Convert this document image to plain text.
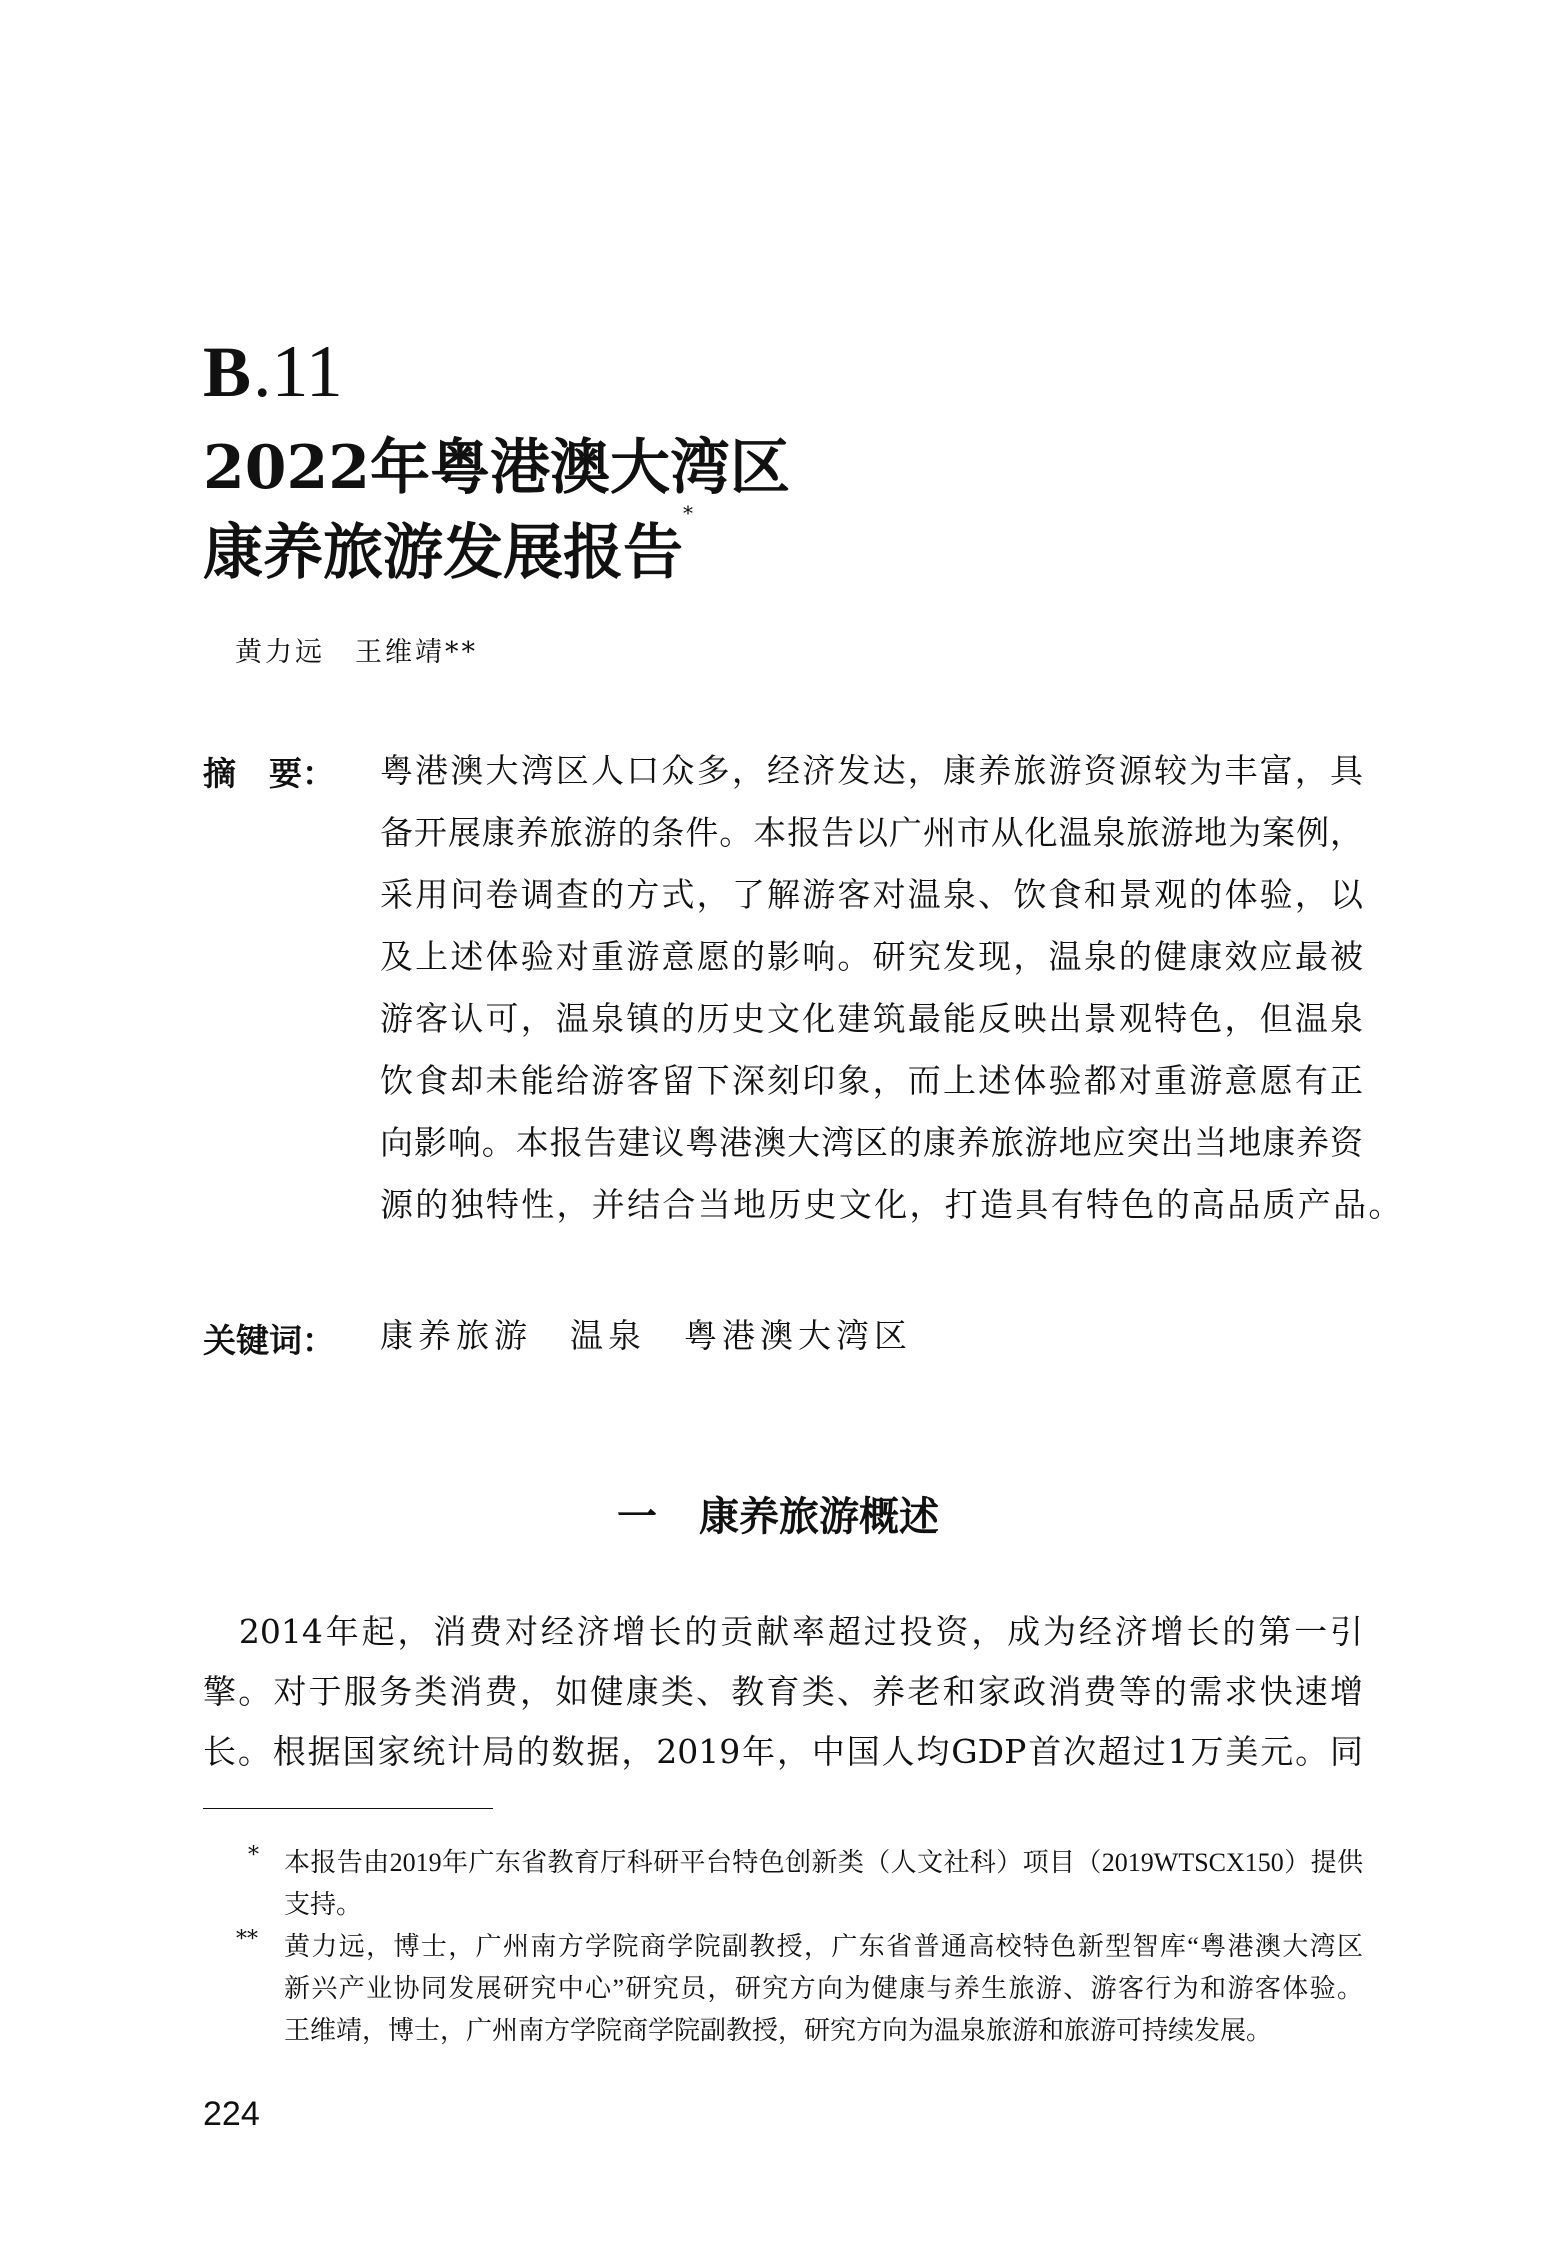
B.11
2022年粤港澳大湾区
康养旅游发展报告*
黄力远 王维靖**
摘　要： 粤港澳大湾区人口众多，经济发达，康养旅游资源较为丰富，具
备开展康养旅游的条件。本报告以广州市从化温泉旅游地为案例，
采用问卷调查的方式，了解游客对温泉、饮食和景观的体验，以
及上述体验对重游意愿的影响。研究发现，温泉的健康效应最被
游客认可，温泉镇的历史文化建筑最能反映出景观特色，但温泉
饮食却未能给游客留下深刻印象，而上述体验都对重游意愿有正
向影响。本报告建议粤港澳大湾区的康养旅游地应突出当地康养资
源的独特性，并结合当地历史文化，打造具有特色的高品质产品。
关键词： 康养旅游 温泉 粤港澳大湾区
一 康养旅游概述
　2014年起，消费对经济增长的贡献率超过投资，成为经济增长的第一引
擎。对于服务类消费，如健康类、教育类、养老和家政消费等的需求快速增
长。根据国家统计局的数据，2019年，中国人均GDP首次超过1万美元。同
* 本报告由2019年广东省教育厅科研平台特色创新类（人文社科）项目（2019WTSCX150）提供
支持。
** 黄力远，博士，广州南方学院商学院副教授，广东省普通高校特色新型智库“粤港澳大湾区
新兴产业协同发展研究中心”研究员，研究方向为健康与养生旅游、游客行为和游客体验。
王维靖，博士，广州南方学院商学院副教授，研究方向为温泉旅游和旅游可持续发展。
224
